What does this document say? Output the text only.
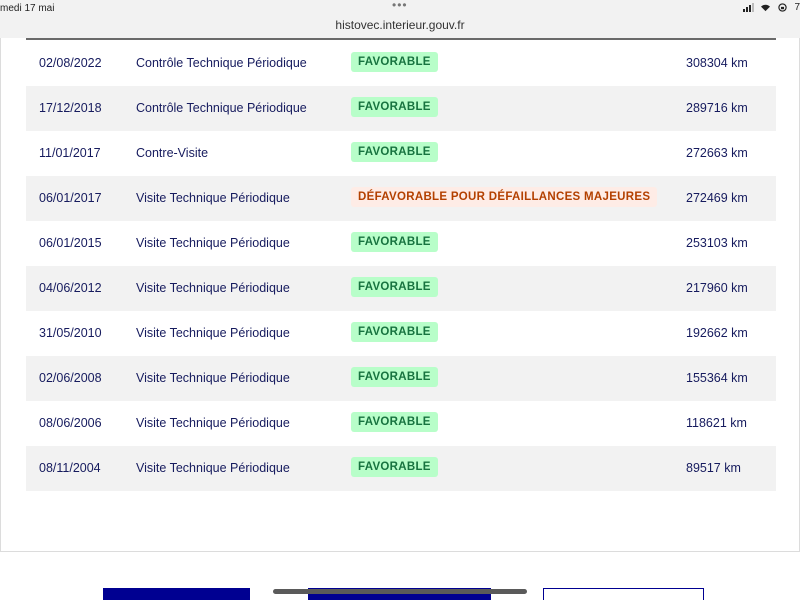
medi 17 mai	•••	7
histovec.interieur.gouv.fr
02/08/2022	Contrôle Technique Périodique	FAVORABLE	308304 km
17/12/2018	Contrôle Technique Périodique	FAVORABLE	289716 km
11/01/2017	Contre-Visite	FAVORABLE	272663 km
06/01/2017	Visite Technique Périodique	DÉFAVORABLE POUR DÉFAILLANCES MAJEURES	272469 km
06/01/2015	Visite Technique Périodique	FAVORABLE	253103 km
04/06/2012	Visite Technique Périodique	FAVORABLE	217960 km
31/05/2010	Visite Technique Périodique	FAVORABLE	192662 km
02/06/2008	Visite Technique Périodique	FAVORABLE	155364 km
08/06/2006	Visite Technique Périodique	FAVORABLE	118621 km
08/11/2004	Visite Technique Périodique	FAVORABLE	89517 km
